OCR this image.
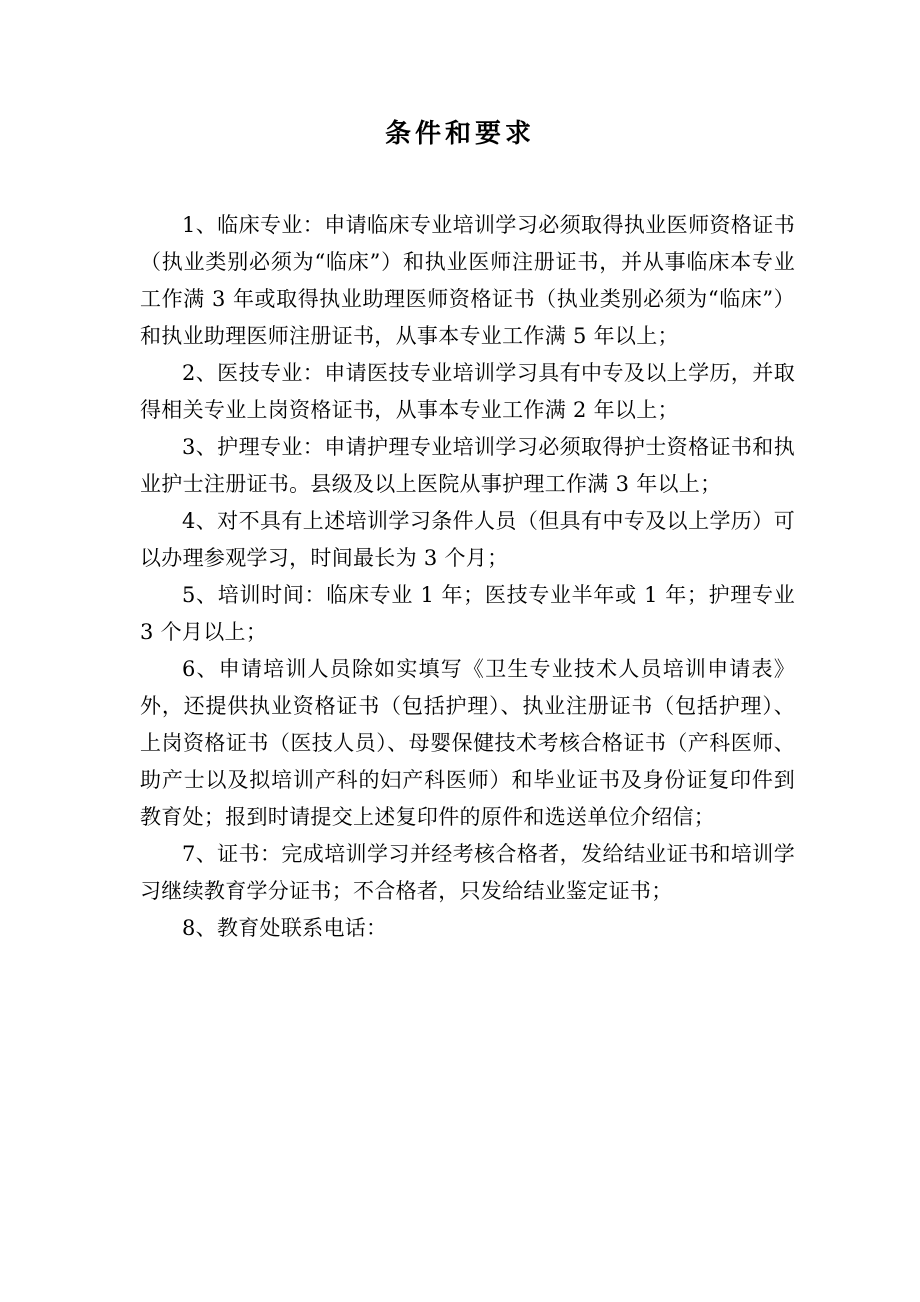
条件和要求

1、临床专业：申请临床专业培训学习必须取得执业医师资格证书（执业类别必须为“临床”）和执业医师注册证书，并从事临床本专业工作满 3 年或取得执业助理医师资格证书（执业类别必须为“临床”）和执业助理医师注册证书，从事本专业工作满 5 年以上；

2、医技专业：申请医技专业培训学习具有中专及以上学历，并取得相关专业上岗资格证书，从事本专业工作满 2 年以上；

3、护理专业：申请护理专业培训学习必须取得护士资格证书和执业护士注册证书。县级及以上医院从事护理工作满 3 年以上；

4、对不具有上述培训学习条件人员（但具有中专及以上学历）可以办理参观学习，时间最长为 3 个月；

5、培训时间：临床专业 1 年；医技专业半年或 1 年；护理专业 3 个月以上；

6、申请培训人员除如实填写《卫生专业技术人员培训申请表》外，还提供执业资格证书（包括护理）、执业注册证书（包括护理）、上岗资格证书（医技人员）、母婴保健技术考核合格证书（产科医师、助产士以及拟培训产科的妇产科医师）和毕业证书及身份证复印件到教育处；报到时请提交上述复印件的原件和选送单位介绍信；

7、证书：完成培训学习并经考核合格者，发给结业证书和培训学习继续教育学分证书；不合格者，只发给结业鉴定证书；

8、教育处联系电话：
